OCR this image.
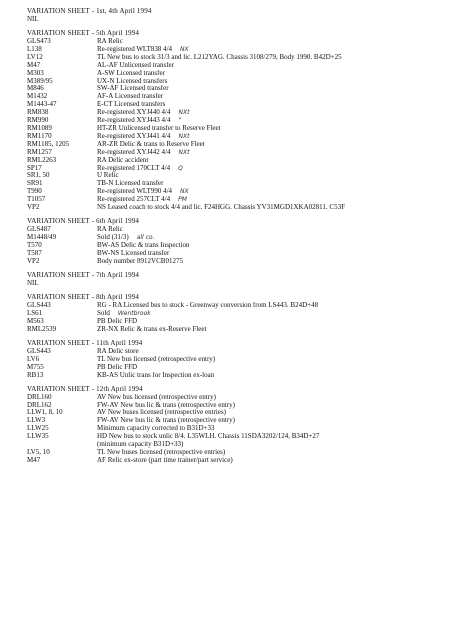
VARIATION SHEET - 1st, 4th April 1994
NIL
VARIATION SHEET - 5th April 1994
GLS473	RA Relic
L138	Re-registered WLT838 4/4 NX
LV12	TL New bus to stock 31/3 and lic. L212YAG. Chassis 3108/279, Body 1990. B42D+25
M47	AL-AF Unlicensed transfer
M303	A-SW Licensed transfer
M389/95	UX-N Licensed transfers
M846	SW-AF Licensed transfer
M1432	AF-A Licensed transfer
M1443-47	E-CT Licensed transfers
RM838	Re-registered XYJ440 4/4 NXt
RM990	Re-registered XYJ443 4/4 "
RM1089	HT-ZR Unlicensed transfer to Reserve Fleet
RM1170	Re-registered XYJ441 4/4 NXt
RM1185, 1205	AR-ZR Delic & trans to Reserve Fleet
RM1257	Re-registered XYJ442 4/4 NXt
RML2263	RA Delic accident
SP17	Re-registered 170CLT 4/4 Q
SR1, 50	U Relic
SR91	TB-N Licensed transfer
T990	Re-registered WLT990 4/4 NX
T1057	Re-registered 257CLT 4/4 PM
VP2	NS Leased coach to stock 4/4 and lic. F24HGG. Chassis YV31MGD1XKA02811. C53F
VARIATION SHEET - 6th April 1994
GLS487	RA Relic
M1448/49	Sold (31/3) all co.
T570	BW-AS Delic & trans Inspection
T587	BW-NS Licensed transfer
VP2	Body number 8912VCB01275
VARIATION SHEET - 7th April 1994
NIL
VARIATION SHEET - 8th April 1994
GLS443	RG - RA Licensed bus to stock - Greenway conversion from LS443. B24D+48
LS61	Sold Wentbrook
M563	PB Delic FFD
RML2539	ZR-NX Relic & trans ex-Reserve Fleet
VARIATION SHEET - 11th April 1994
GLS443	RA Delic store
LV6	TL New bus licensed (retrospective entry)
M755	PB Delic FFD
RB13	KB-AS Unlic trans for Inspection ex-loan
VARIATION SHEET - 12th April 1994
DRL160	AV New bus licensed (retrospective entry)
DRL162	FW-AV New bus lic & trans (retrospective entry)
LLW1, 8, 10	AV New buses licensed (retrospective entries)
LLW3	FW-AV New bus lic & trans (retrospective entry)
LLW25	Minimum capacity corrected to B31D+33
LLW35	HD New bus to stock unlic 8/4. L35WLH. Chassis 11SDA3202/124, B34D+27
(minimum capacity B31D+33)
LV5, 10	TL New buses licensed (retrospective entries)
M47	AF Relic ex-store (part time trainer/part service)
